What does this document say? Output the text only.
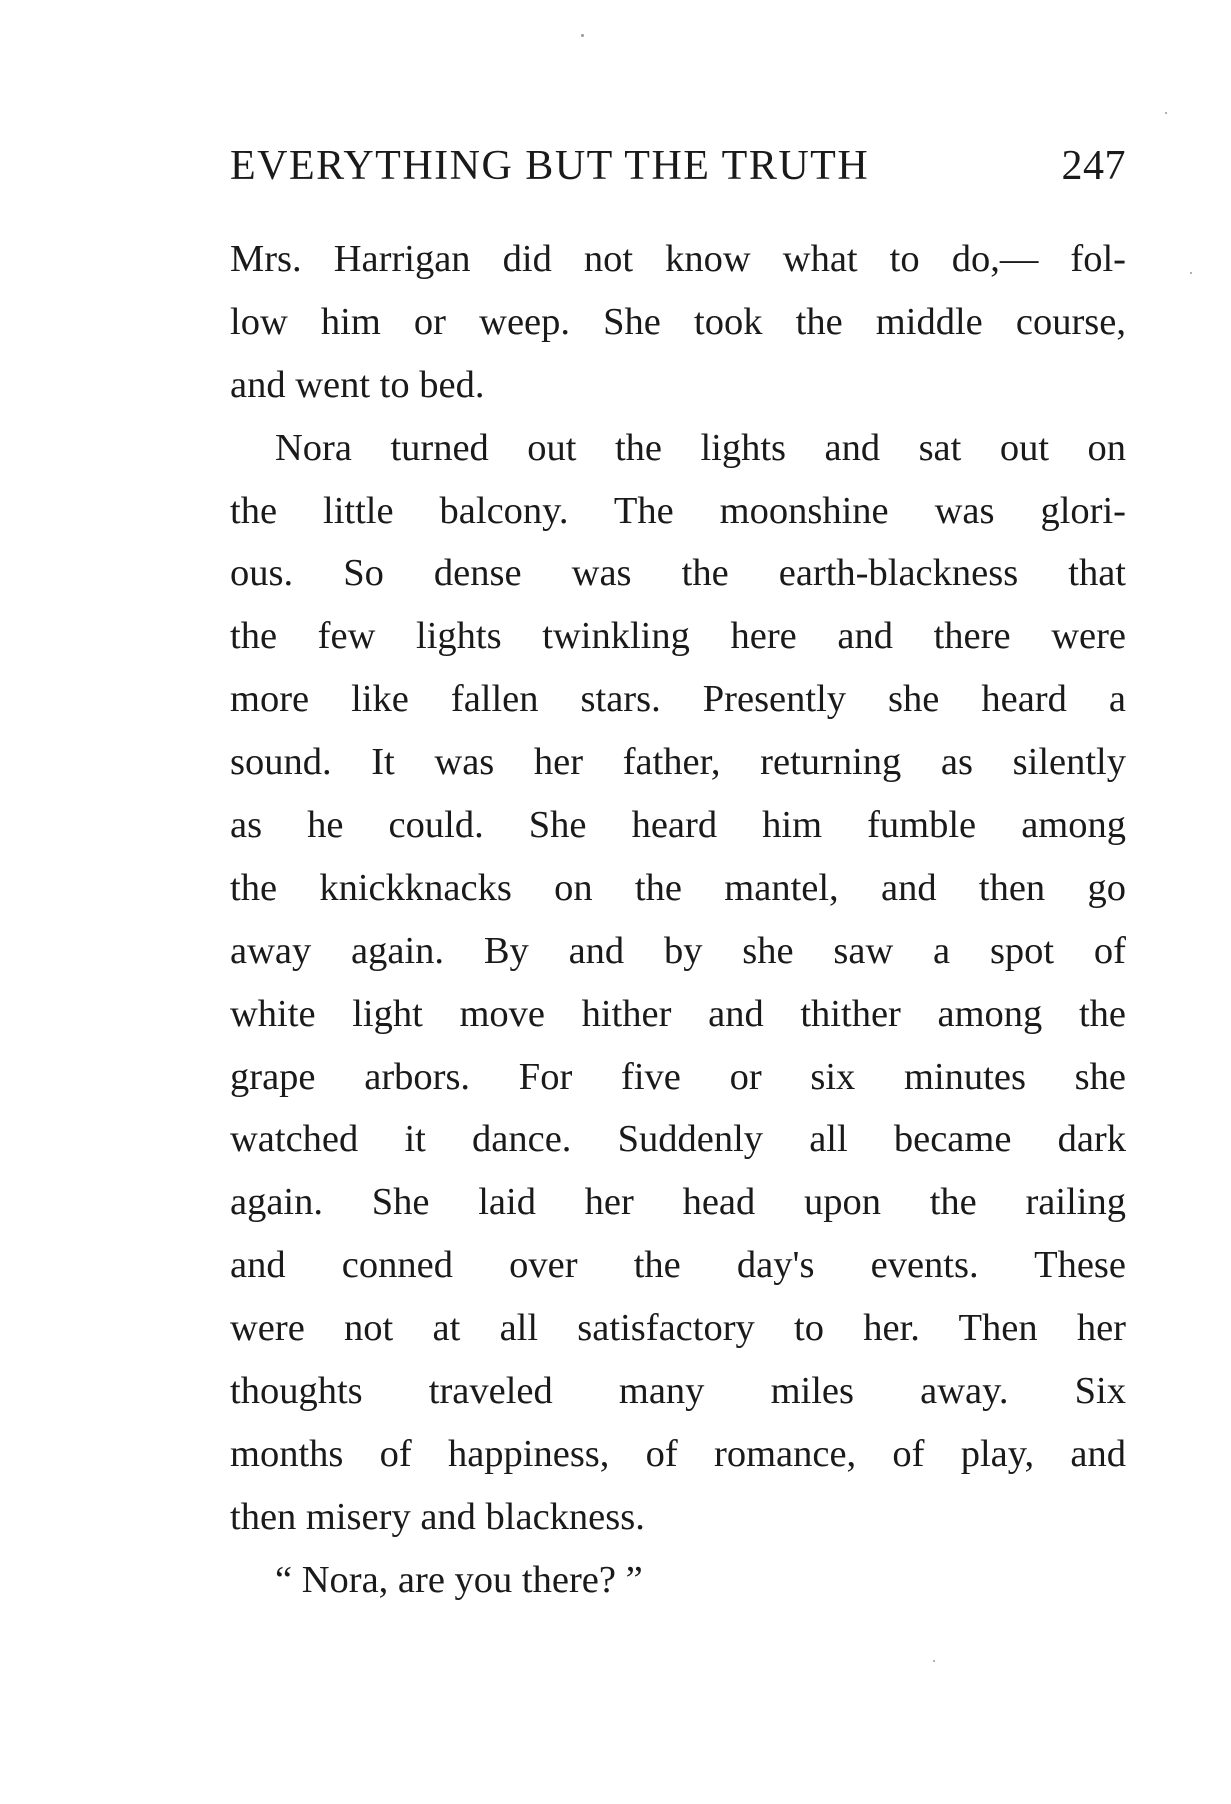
EVERYTHING BUT THE TRUTH	247
Mrs. Harrigan did not know what to do,— fol-
low him or weep. She took the middle course,
and went to bed.
Nora turned out the lights and sat out on
the little balcony. The moonshine was glori-
ous. So dense was the earth-blackness that
the few lights twinkling here and there were
more like fallen stars. Presently she heard a
sound. It was her father, returning as silently
as he could. She heard him fumble among
the knickknacks on the mantel, and then go
away again. By and by she saw a spot of
white light move hither and thither among the
grape arbors. For five or six minutes she
watched it dance. Suddenly all became dark
again. She laid her head upon the railing
and conned over the day's events. These
were not at all satisfactory to her. Then her
thoughts traveled many miles away. Six
months of happiness, of romance, of play, and
then misery and blackness.
“ Nora, are you there? ”
